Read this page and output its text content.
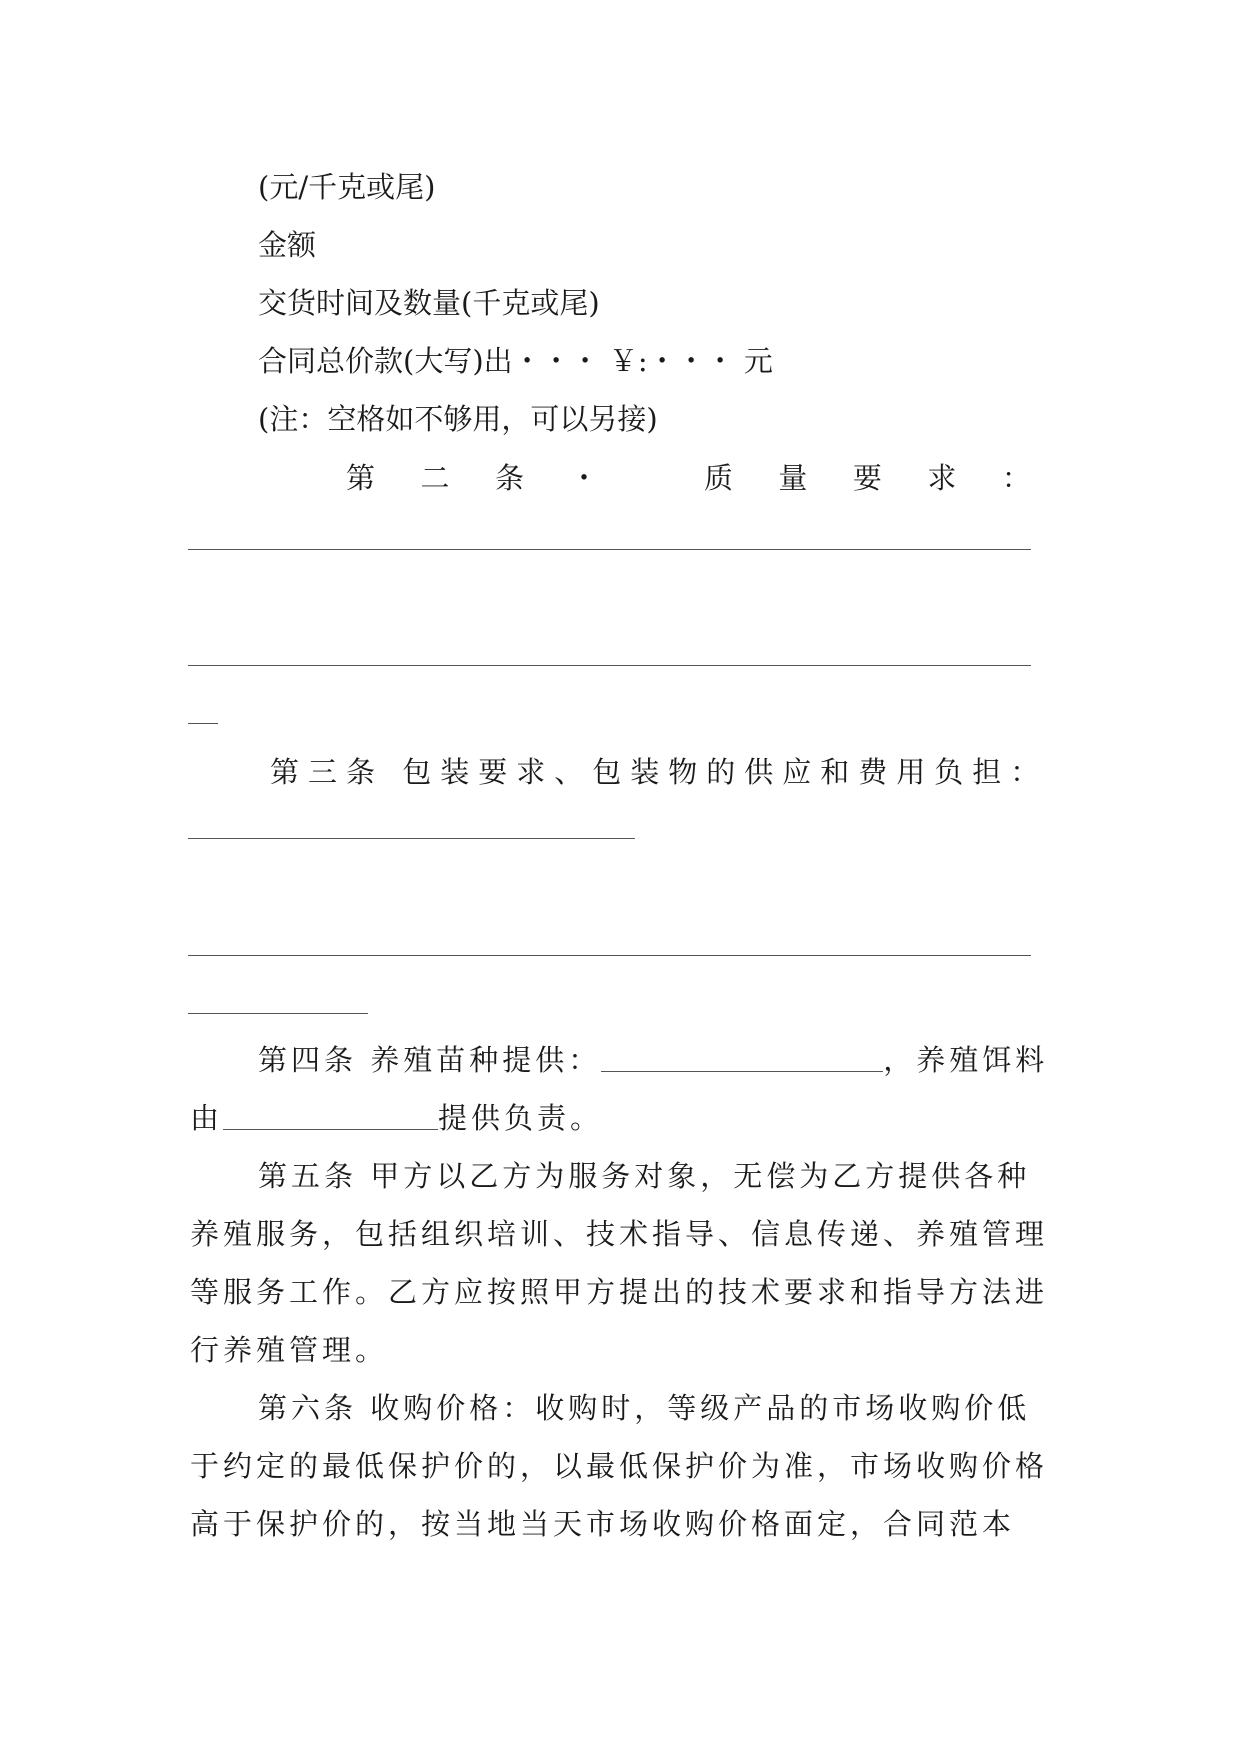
(元/千克或尾)
金额
交货时间及数量(千克或尾)
合同总价款(大写)出・・・ ￥:・・・ 元
(注：空格如不够用，可以另接)
第 二 条 ・	质 量 要 求 ：
第三条 包装要求、包装物的供应和费用负担：
第四条 养殖苗种提供：	，养殖饵料
由	提供负责。
第五条 甲方以乙方为服务对象，无偿为乙方提供各种
养殖服务，包括组织培训、技术指导、信息传递、养殖管理
等服务工作。乙方应按照甲方提出的技术要求和指导方法进
行养殖管理。
第六条 收购价格：收购时，等级产品的市场收购价低
于约定的最低保护价的，以最低保护价为准，市场收购价格
高于保护价的，按当地当天市场收购价格面定，合同范本
